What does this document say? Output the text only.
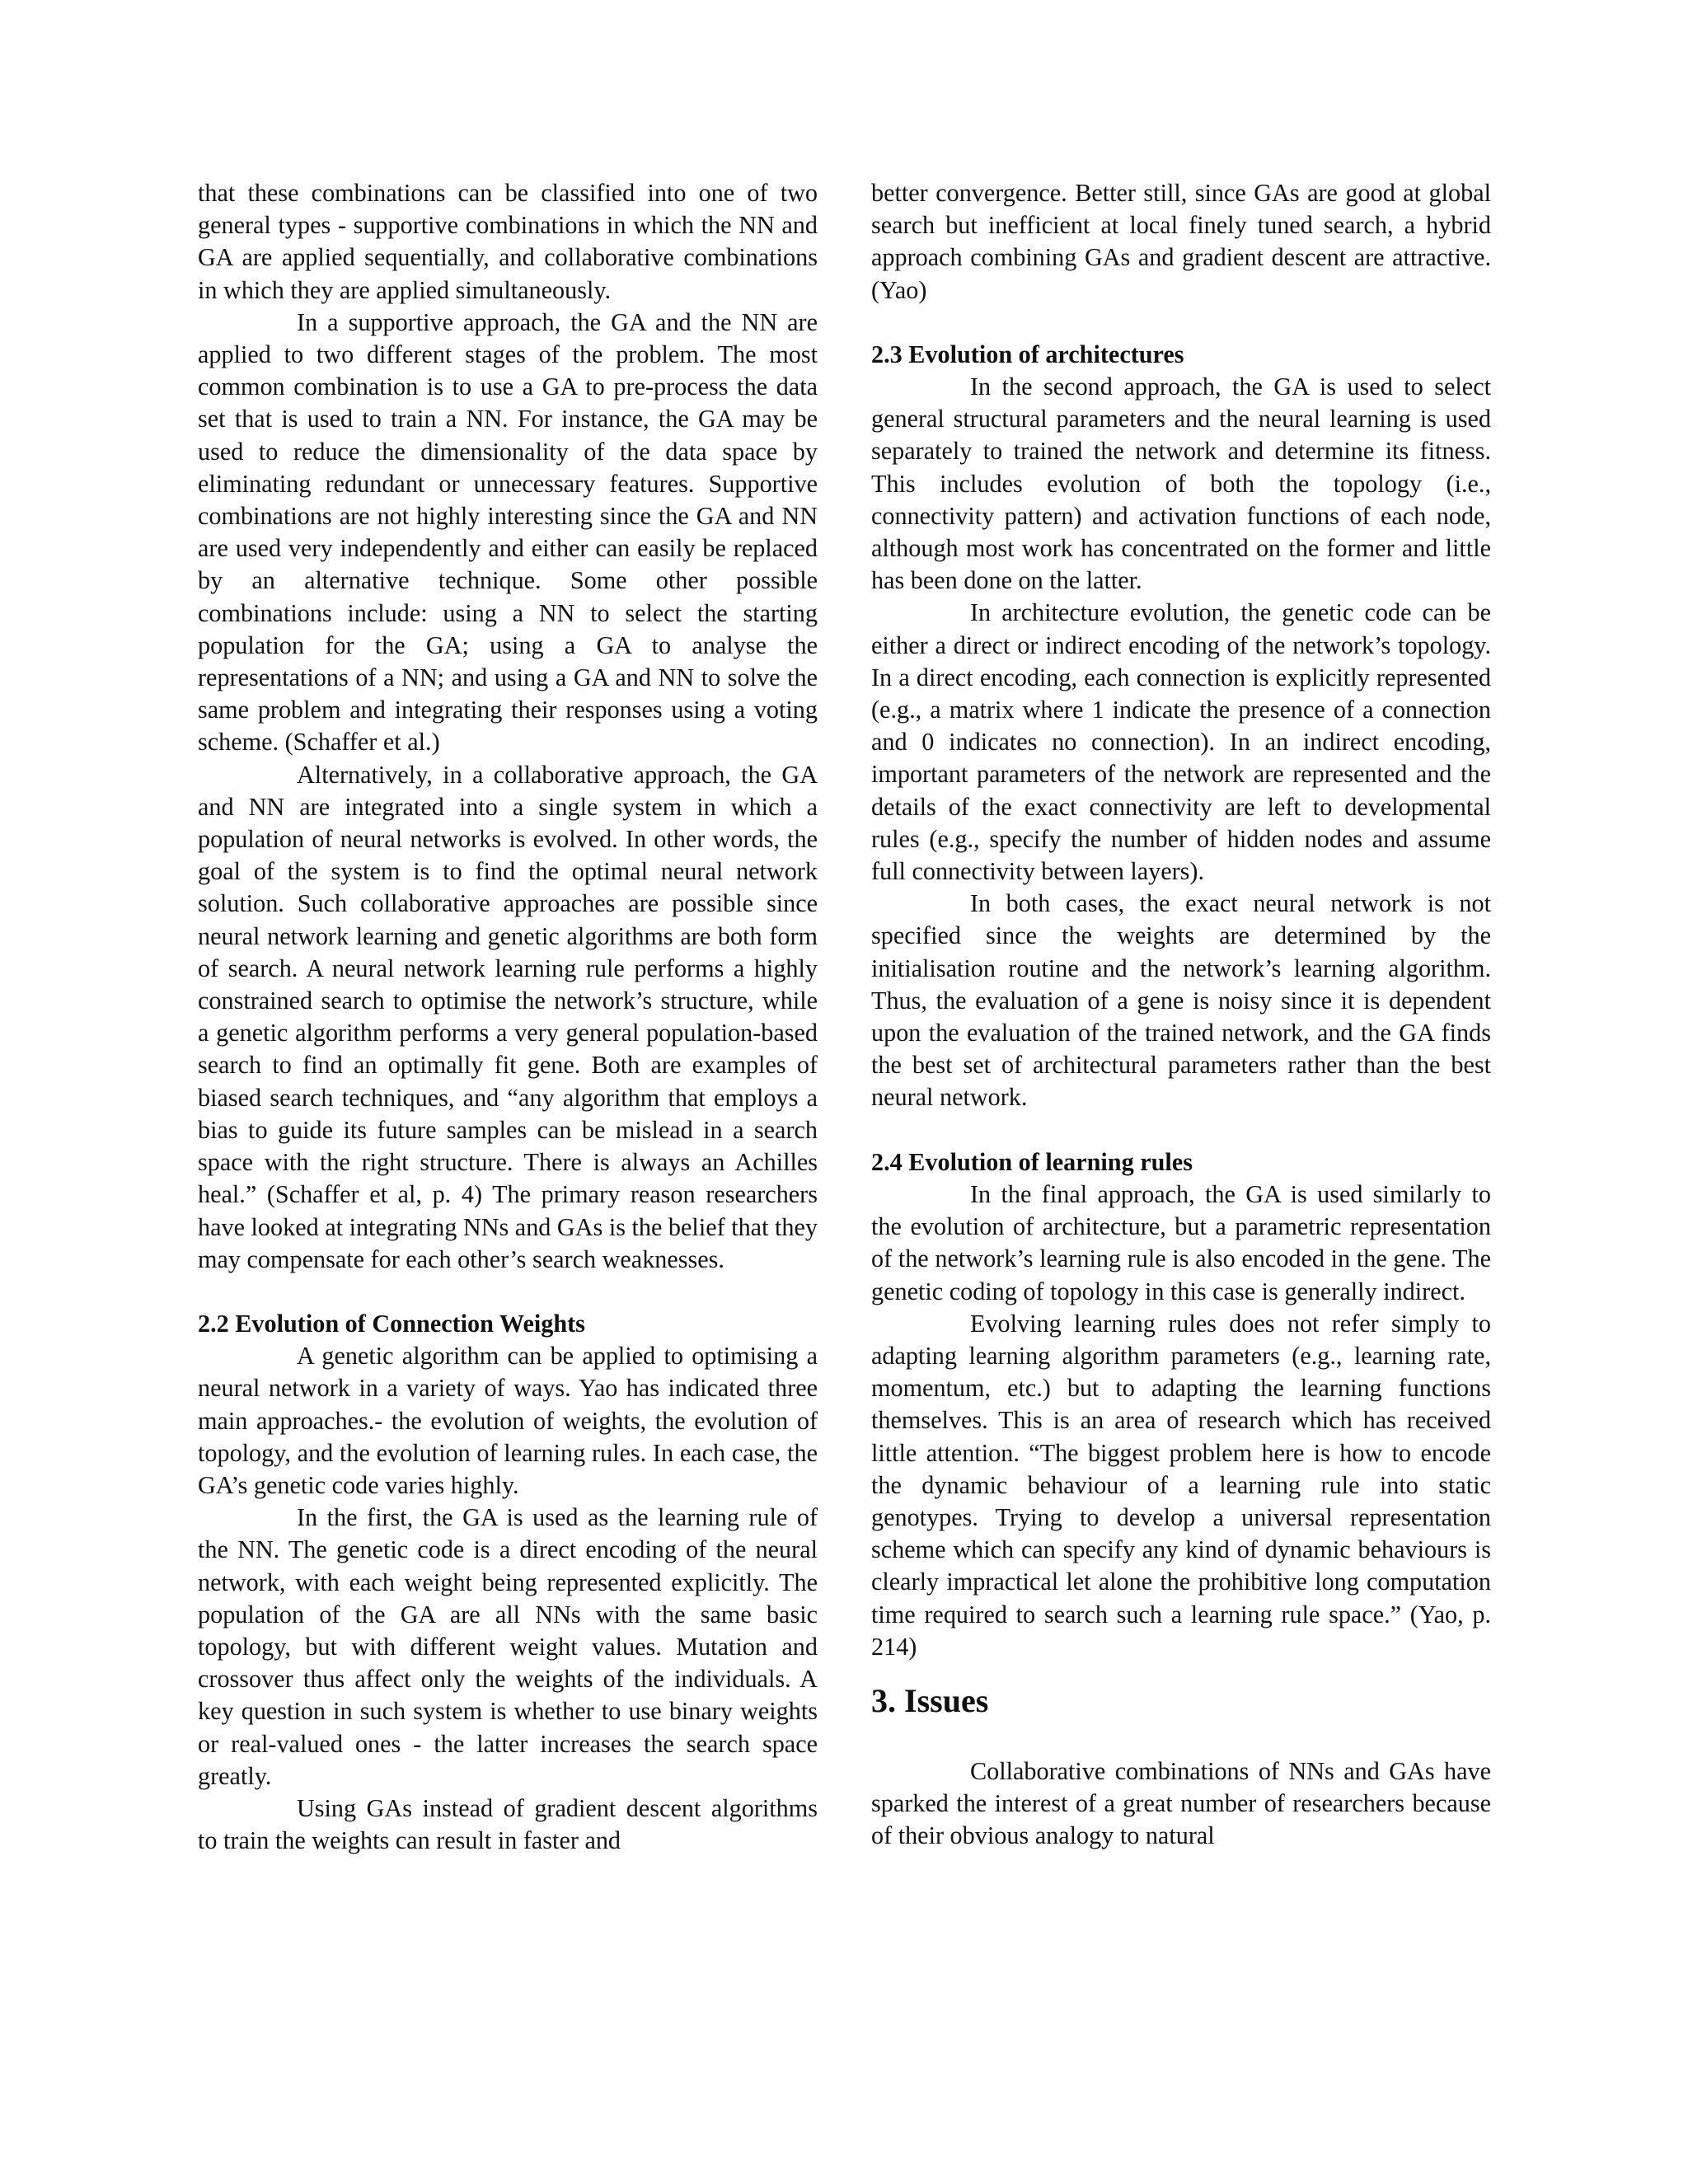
that these combinations can be classified into one of two general types - supportive combinations in which the NN and GA are applied sequentially, and collaborative combinations in which they are applied simultaneously.

In a supportive approach, the GA and the NN are applied to two different stages of the problem. The most common combination is to use a GA to pre-process the data set that is used to train a NN. For instance, the GA may be used to reduce the dimensionality of the data space by eliminating redundant or unnecessary features. Supportive combinations are not highly interesting since the GA and NN are used very independently and either can easily be replaced by an alternative technique. Some other possible combinations include: using a NN to select the starting population for the GA; using a GA to analyse the representations of a NN; and using a GA and NN to solve the same problem and integrating their responses using a voting scheme. (Schaffer et al.)

Alternatively, in a collaborative approach, the GA and NN are integrated into a single system in which a population of neural networks is evolved. In other words, the goal of the system is to find the optimal neural network solution. Such collaborative approaches are possible since neural network learning and genetic algorithms are both form of search. A neural network learning rule performs a highly constrained search to optimise the network’s structure, while a genetic algorithm performs a very general population-based search to find an optimally fit gene. Both are examples of biased search techniques, and “any algorithm that employs a bias to guide its future samples can be mislead in a search space with the right structure. There is always an Achilles heal.” (Schaffer et al, p. 4) The primary reason researchers have looked at integrating NNs and GAs is the belief that they may compensate for each other’s search weaknesses.

2.2 Evolution of Connection Weights

A genetic algorithm can be applied to optimising a neural network in a variety of ways. Yao has indicated three main approaches.- the evolution of weights, the evolution of topology, and the evolution of learning rules. In each case, the GA’s genetic code varies highly.

In the first, the GA is used as the learning rule of the NN. The genetic code is a direct encoding of the neural network, with each weight being represented explicitly. The population of the GA are all NNs with the same basic topology, but with different weight values. Mutation and crossover thus affect only the weights of the individuals. A key question in such system is whether to use binary weights or real-valued ones - the latter increases the search space greatly.

Using GAs instead of gradient descent algorithms to train the weights can result in faster and

better convergence. Better still, since GAs are good at global search but inefficient at local finely tuned search, a hybrid approach combining GAs and gradient descent are attractive. (Yao)

2.3 Evolution of architectures

In the second approach, the GA is used to select general structural parameters and the neural learning is used separately to trained the network and determine its fitness. This includes evolution of both the topology (i.e., connectivity pattern) and activation functions of each node, although most work has concentrated on the former and little has been done on the latter.

In architecture evolution, the genetic code can be either a direct or indirect encoding of the network’s topology. In a direct encoding, each connection is explicitly represented (e.g., a matrix where 1 indicate the presence of a connection and 0 indicates no connection). In an indirect encoding, important parameters of the network are represented and the details of the exact connectivity are left to developmental rules (e.g., specify the number of hidden nodes and assume full connectivity between layers).

In both cases, the exact neural network is not specified since the weights are determined by the initialisation routine and the network’s learning algorithm. Thus, the evaluation of a gene is noisy since it is dependent upon the evaluation of the trained network, and the GA finds the best set of architectural parameters rather than the best neural network.

2.4 Evolution of learning rules

In the final approach, the GA is used similarly to the evolution of architecture, but a parametric representation of the network’s learning rule is also encoded in the gene. The genetic coding of topology in this case is generally indirect.

Evolving learning rules does not refer simply to adapting learning algorithm parameters (e.g., learning rate, momentum, etc.) but to adapting the learning functions themselves. This is an area of research which has received little attention. “The biggest problem here is how to encode the dynamic behaviour of a learning rule into static genotypes. Trying to develop a universal representation scheme which can specify any kind of dynamic behaviours is clearly impractical let alone the prohibitive long computation time required to search such a learning rule space.” (Yao, p. 214)

3. Issues

Collaborative combinations of NNs and GAs have sparked the interest of a great number of researchers because of their obvious analogy to natural
